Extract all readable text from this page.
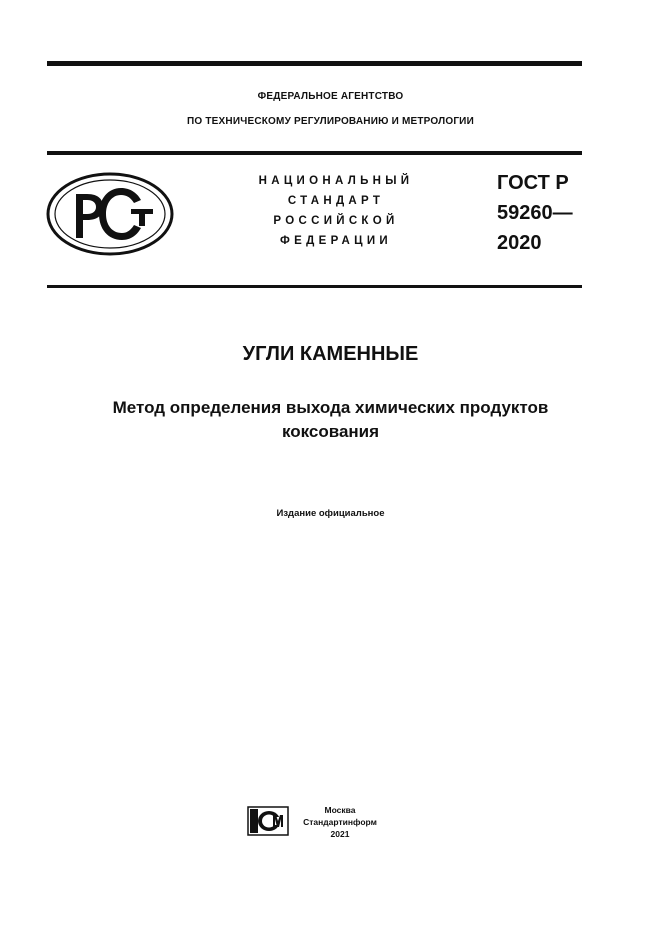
ФЕДЕРАЛЬНОЕ АГЕНТСТВО
ПО ТЕХНИЧЕСКОМУ РЕГУЛИРОВАНИЮ И МЕТРОЛОГИИ
НАЦИОНАЛЬНЫЙ
СТАНДАРТ
РОССИЙСКОЙ
ФЕДЕРАЦИИ
ГОСТ Р
59260—
2020
УГЛИ КАМЕННЫЕ
Метод определения выхода химических продуктов
коксования
Издание официальное
Москва
Стандартинформ
2021
